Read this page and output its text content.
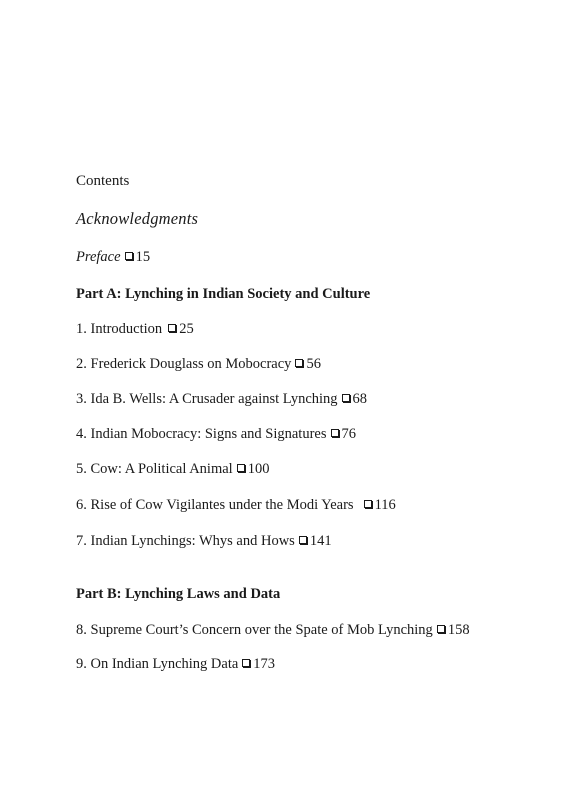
Contents
Acknowledgments
Preface 15
Part A: Lynching in Indian Society and Culture
1. Introduction 25
2. Frederick Douglass on Mobocracy 56
3. Ida B. Wells: A Crusader against Lynching 68
4. Indian Mobocracy: Signs and Signatures 76
5. Cow: A Political Animal 100
6. Rise of Cow Vigilantes under the Modi Years 116
7. Indian Lynchings: Whys and Hows 141
Part B: Lynching Laws and Data
8. Supreme Court’s Concern over the Spate of Mob Lynching 158
9. On Indian Lynching Data 173
